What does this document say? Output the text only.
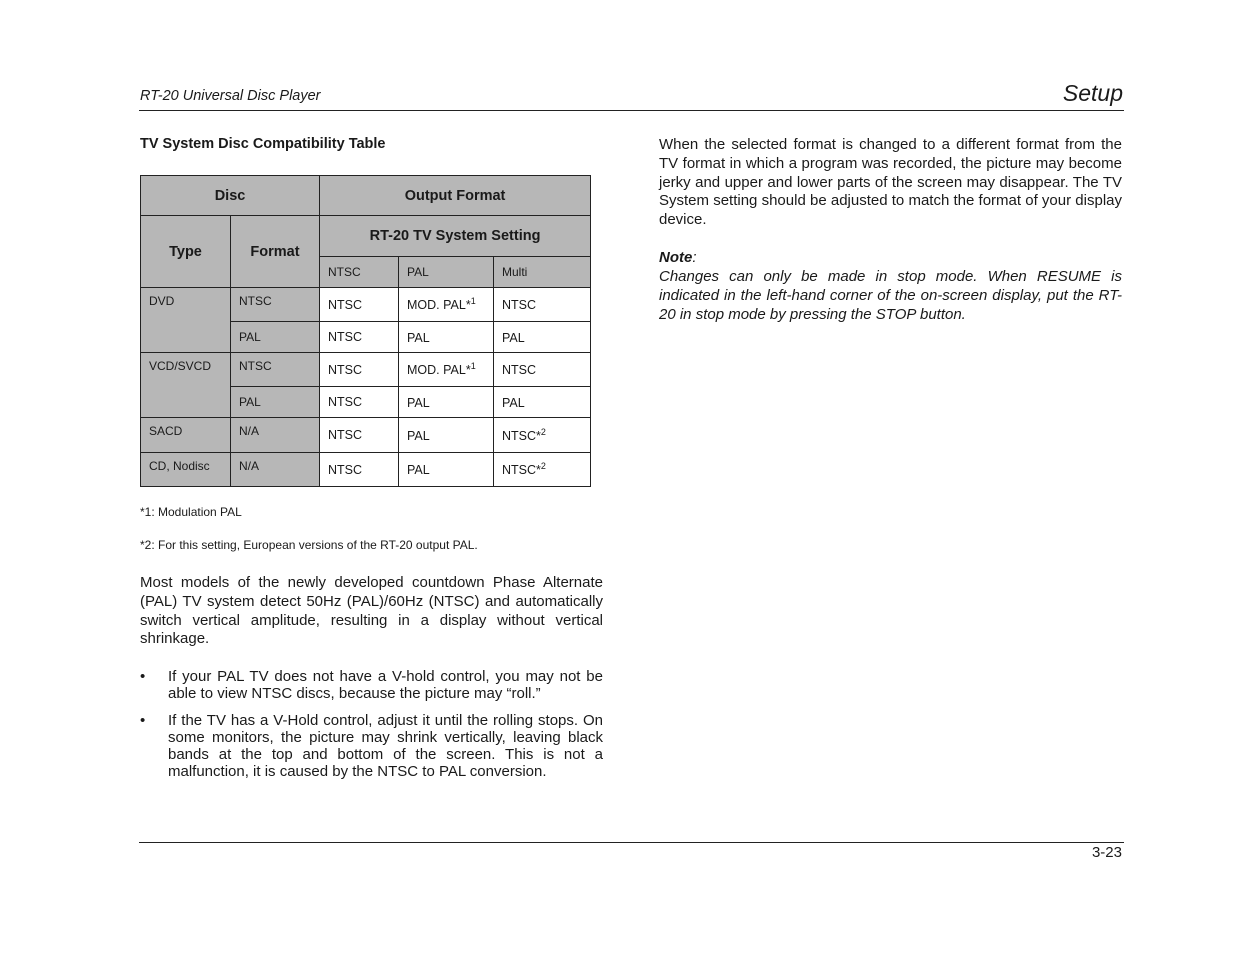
RT-20 Universal Disc Player	Setup
TV System Disc Compatibility Table
Disc		Output Format		
Type	Format	RT-20 TV System Setting		
		NTSC	PAL	Multi
DVD	NTSC	NTSC	MOD. PAL*$^1$	NTSC
	PAL	NTSC	PAL	PAL
VCD/SVCD	NTSC	NTSC	MOD. PAL*$^1$	NTSC
	PAL	NTSC	PAL	PAL
SACD	N/A	NTSC	PAL	NTSC*$^2$
CD, Nodisc	N/A	NTSC	PAL	NTSC*$^2$
*1: Modulation PAL
*2: For this setting, European versions of the RT-20 output PAL.
Most models of the newly developed countdown Phase Alternate (PAL) TV system detect 50Hz (PAL)/60Hz (NTSC) and automatically switch vertical amplitude, resulting in a display without vertical shrinkage.
• If your PAL TV does not have a V-hold control, you may not be able to view NTSC discs, because the picture may “roll.”
• If the TV has a V-Hold control, adjust it until the rolling stops. On some monitors, the picture may shrink vertically, leaving black bands at the top and bottom of the screen. This is not a malfunction, it is caused by the NTSC to PAL conversion.
When the selected format is changed to a different format from the TV format in which a program was recorded, the picture may become jerky and upper and lower parts of the screen may disappear. The TV System setting should be adjusted to match the format of your display device.
Note:
Changes can only be made in stop mode. When RESUME is indicated in the left-hand corner of the on-screen display, put the RT-20 in stop mode by pressing the STOP button.
3-23
